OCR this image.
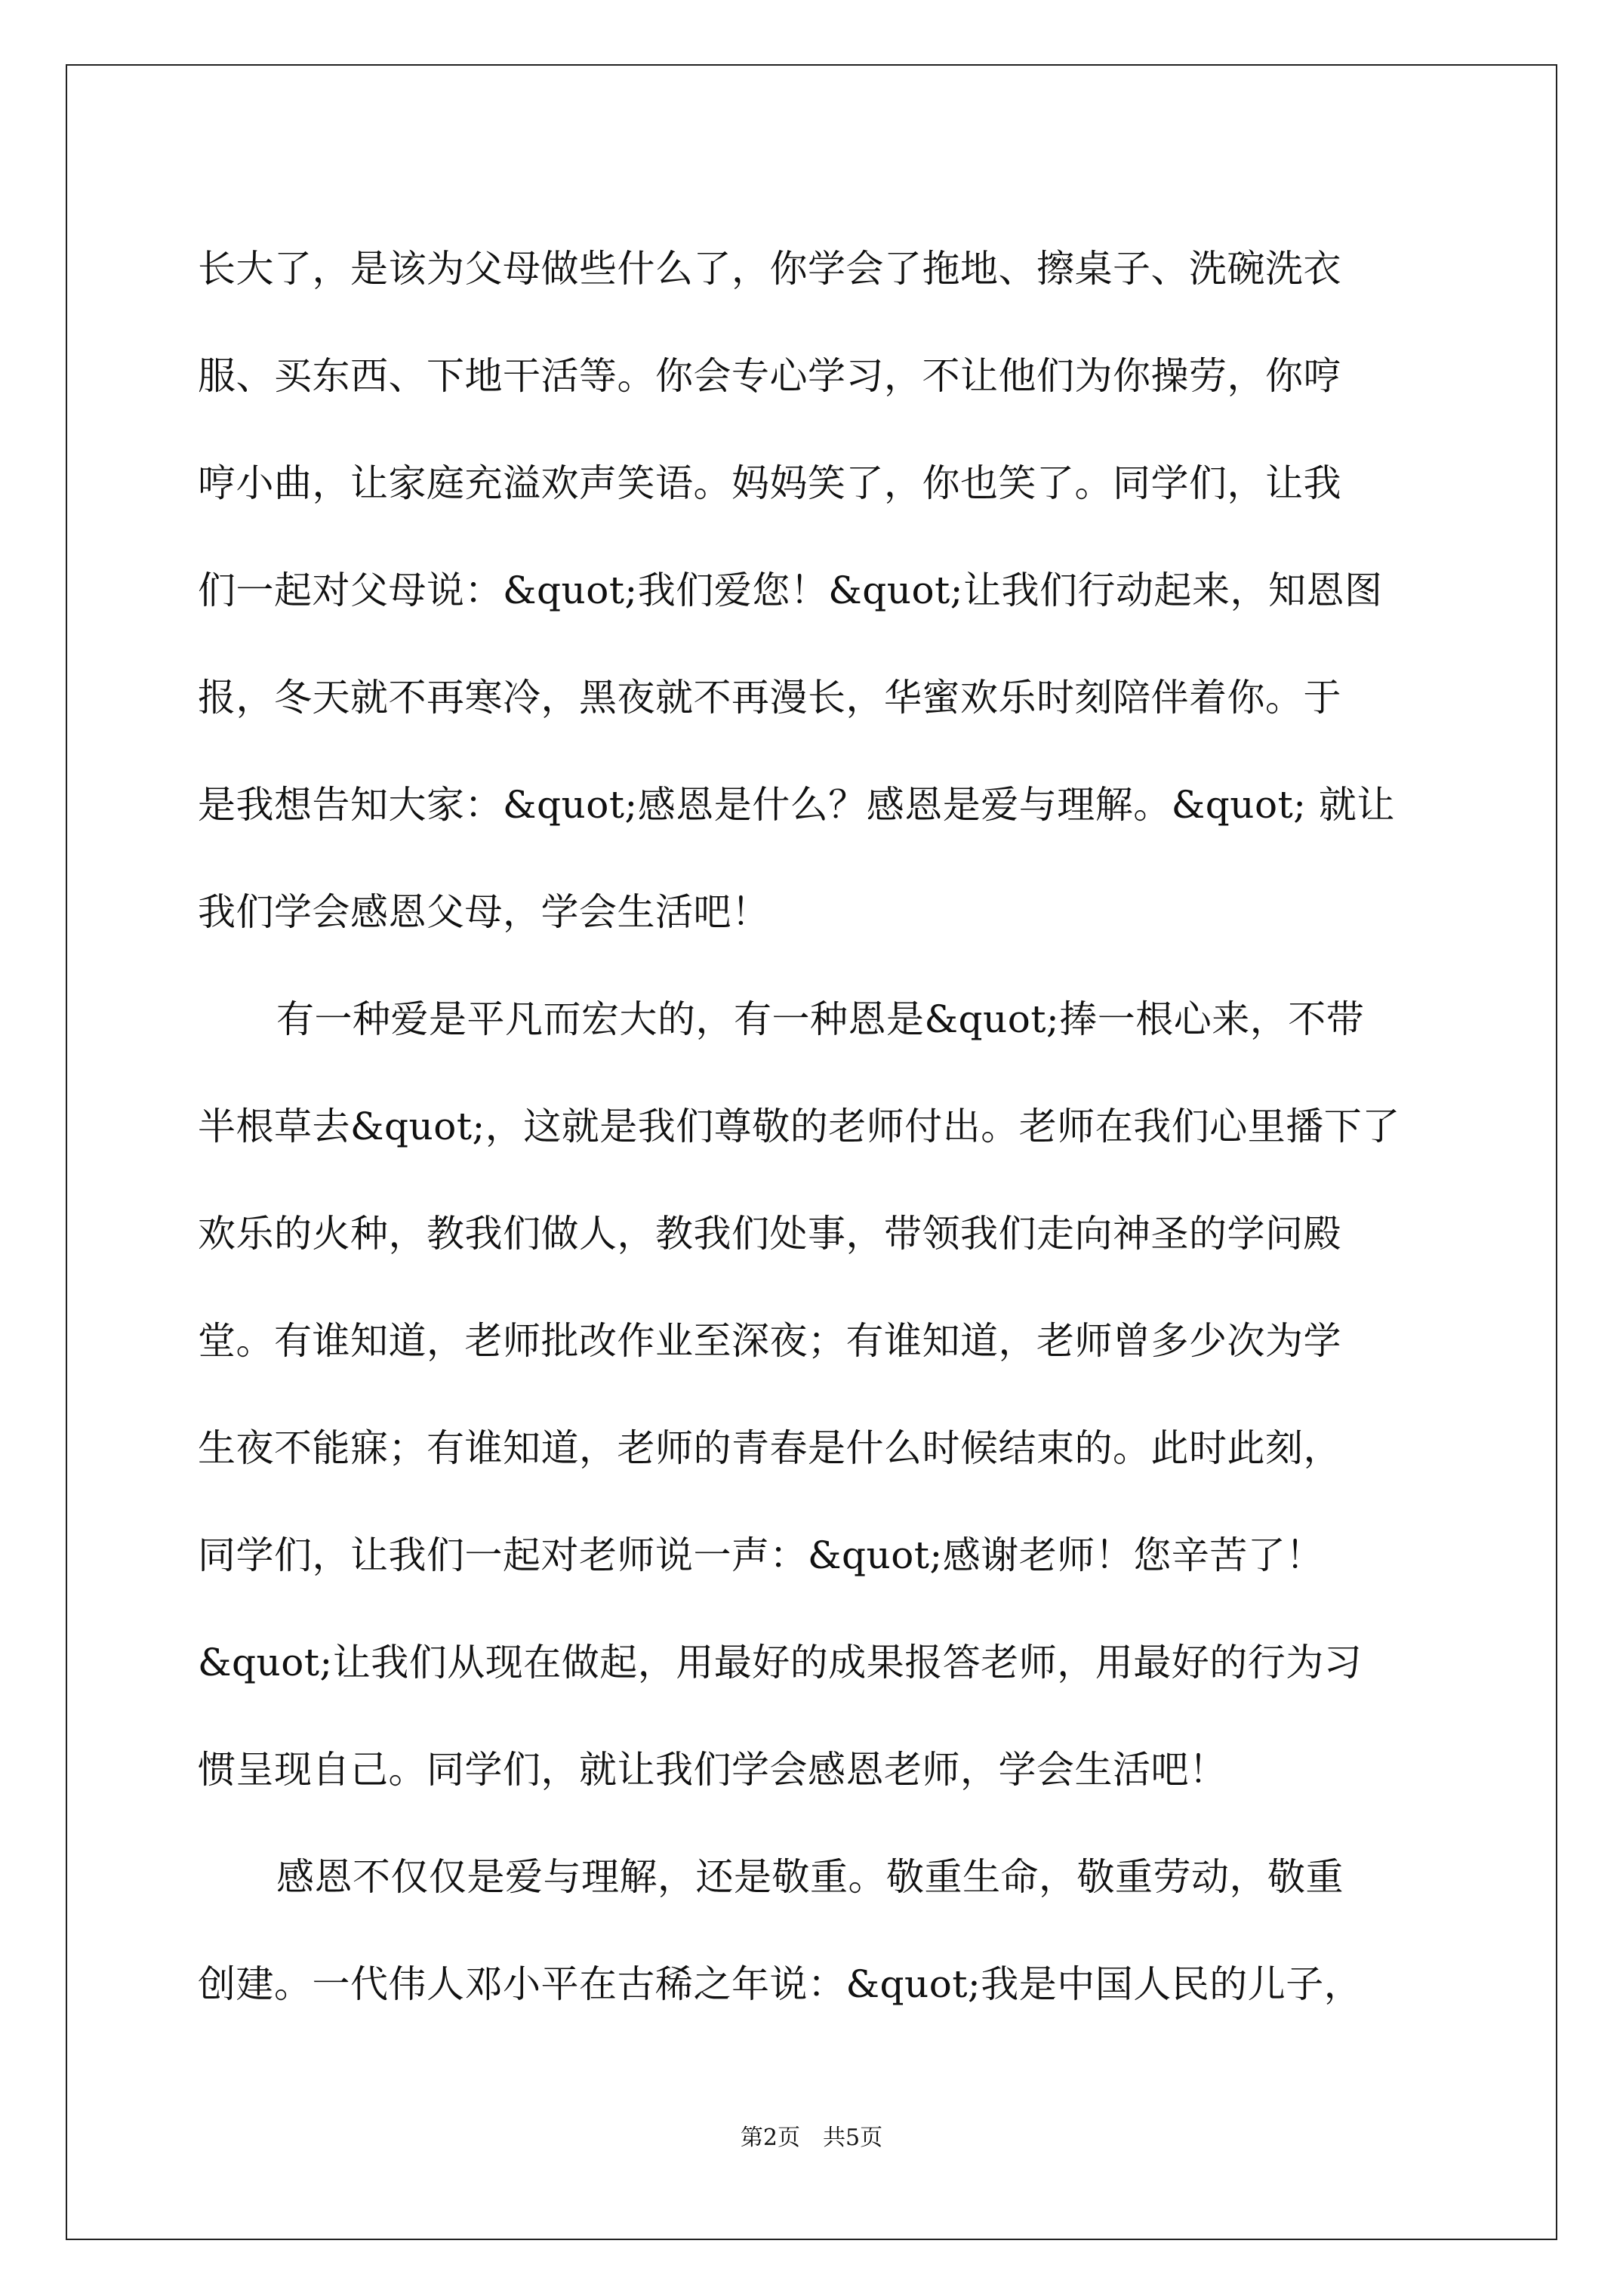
长大了，是该为父母做些什么了，你学会了拖地、擦桌子、洗碗洗衣
服、买东西、下地干活等。你会专心学习，不让他们为你操劳，你哼
哼小曲，让家庭充溢欢声笑语。妈妈笑了，你也笑了。同学们，让我
们一起对父母说：&quot;我们爱您！&quot;让我们行动起来，知恩图
报，冬天就不再寒冷，黑夜就不再漫长，华蜜欢乐时刻陪伴着你。于
是我想告知大家：&quot;感恩是什么？感恩是爱与理解。&quot; 就让
我们学会感恩父母，学会生活吧！
有一种爱是平凡而宏大的，有一种恩是&quot;捧一根心来，不带
半根草去&quot;，这就是我们尊敬的老师付出。老师在我们心里播下了
欢乐的火种，教我们做人，教我们处事，带领我们走向神圣的学问殿
堂。有谁知道，老师批改作业至深夜；有谁知道，老师曾多少次为学
生夜不能寐；有谁知道，老师的青春是什么时候结束的。此时此刻，
同学们，让我们一起对老师说一声：&quot;感谢老师！您辛苦了！
&quot;让我们从现在做起，用最好的成果报答老师，用最好的行为习
惯呈现自己。同学们，就让我们学会感恩老师，学会生活吧！
感恩不仅仅是爱与理解，还是敬重。敬重生命，敬重劳动，敬重
创建。一代伟人邓小平在古稀之年说：&quot;我是中国人民的儿子，
第2页　共5页
